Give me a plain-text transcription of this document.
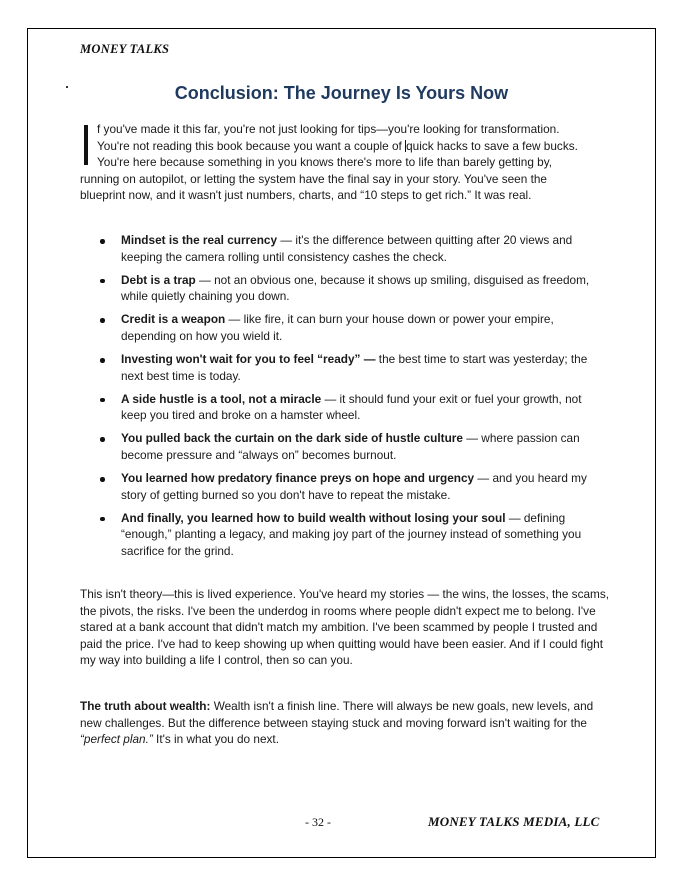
MONEY TALKS
Conclusion: The Journey Is Yours Now
f you've made it this far, you're not just looking for tips—you're looking for transformation.
You're not reading this book because you want a couple of quick hacks to save a few bucks.
You're here because something in you knows there's more to life than barely getting by,
running on autopilot, or letting the system have the final say in your story. You've seen the
blueprint now, and it wasn't just numbers, charts, and “10 steps to get rich.” It was real.
Mindset is the real currency — it's the difference between quitting after 20 views and keeping the camera rolling until consistency cashes the check.
Debt is a trap — not an obvious one, because it shows up smiling, disguised as freedom, while quietly chaining you down.
Credit is a weapon — like fire, it can burn your house down or power your empire, depending on how you wield it.
Investing won't wait for you to feel “ready” — the best time to start was yesterday; the next best time is today.
A side hustle is a tool, not a miracle — it should fund your exit or fuel your growth, not keep you tired and broke on a hamster wheel.
You pulled back the curtain on the dark side of hustle culture — where passion can become pressure and “always on” becomes burnout.
You learned how predatory finance preys on hope and urgency — and you heard my story of getting burned so you don't have to repeat the mistake.
And finally, you learned how to build wealth without losing your soul — defining “enough,” planting a legacy, and making joy part of the journey instead of something you sacrifice for the grind.
This isn't theory—this is lived experience. You've heard my stories — the wins, the losses, the scams, the pivots, the risks. I've been the underdog in rooms where people didn't expect me to belong. I've stared at a bank account that didn't match my ambition. I've been scammed by people I trusted and paid the price. I've had to keep showing up when quitting would have been easier. And if I could fight my way into building a life I control, then so can you.
The truth about wealth: Wealth isn't a finish line. There will always be new goals, new levels, and new challenges. But the difference between staying stuck and moving forward isn't waiting for the “perfect plan.” It's in what you do next.
- 32 -	MONEY TALKS MEDIA, LLC
